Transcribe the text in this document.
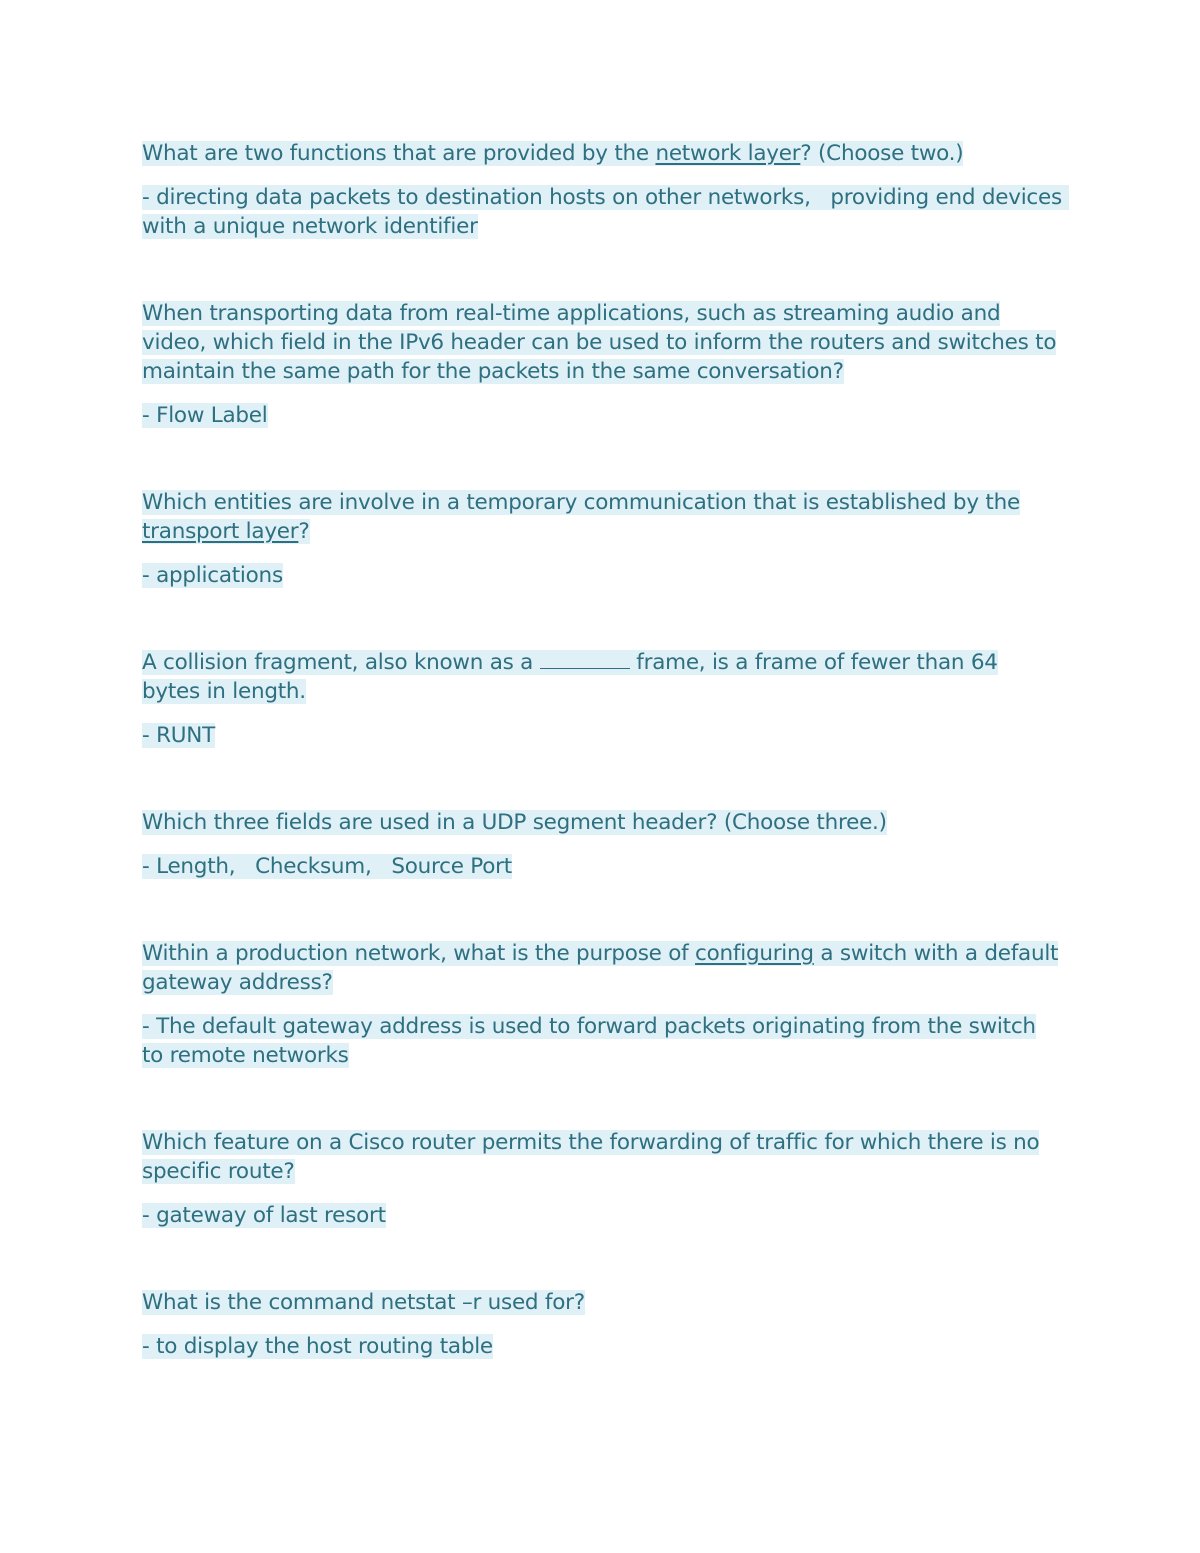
What are two functions that are provided by the network layer? (Choose two.)

- directing data packets to destination hosts on other networks,   providing end devices with a unique network identifier

When transporting data from real-time applications, such as streaming audio and video, which field in the IPv6 header can be used to inform the routers and switches to maintain the same path for the packets in the same conversation?

- Flow Label

Which entities are involve in a temporary communication that is established by the transport layer?

- applications

A collision fragment, also known as a	frame, is a frame of fewer than 64 bytes in length.

- RUNT

Which three fields are used in a UDP segment header? (Choose three.)

- Length,   Checksum,   Source Port

Within a production network, what is the purpose of configuring a switch with a default gateway address?

- The default gateway address is used to forward packets originating from the switch to remote networks

Which feature on a Cisco router permits the forwarding of traffic for which there is no specific route?

- gateway of last resort

What is the command netstat –r used for?

- to display the host routing table
